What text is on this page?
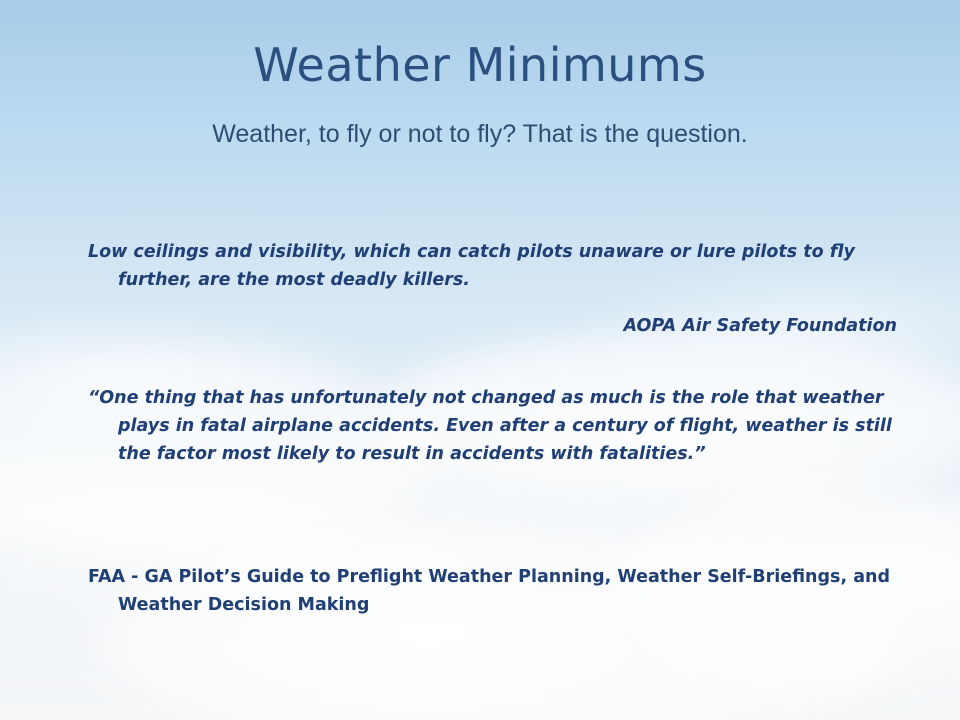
Weather Minimums
Weather, to fly or not to fly? That is the question.
Low ceilings and visibility, which can catch pilots unaware or lure pilots to fly further, are the most deadly killers.
AOPA Air Safety Foundation
“One thing that has unfortunately not changed as much is the role that weather plays in fatal airplane accidents. Even after a century of flight, weather is still the factor most likely to result in accidents with fatalities.”
FAA - GA Pilot’s Guide to Preflight Weather Planning, Weather Self-Briefings, and Weather Decision Making
